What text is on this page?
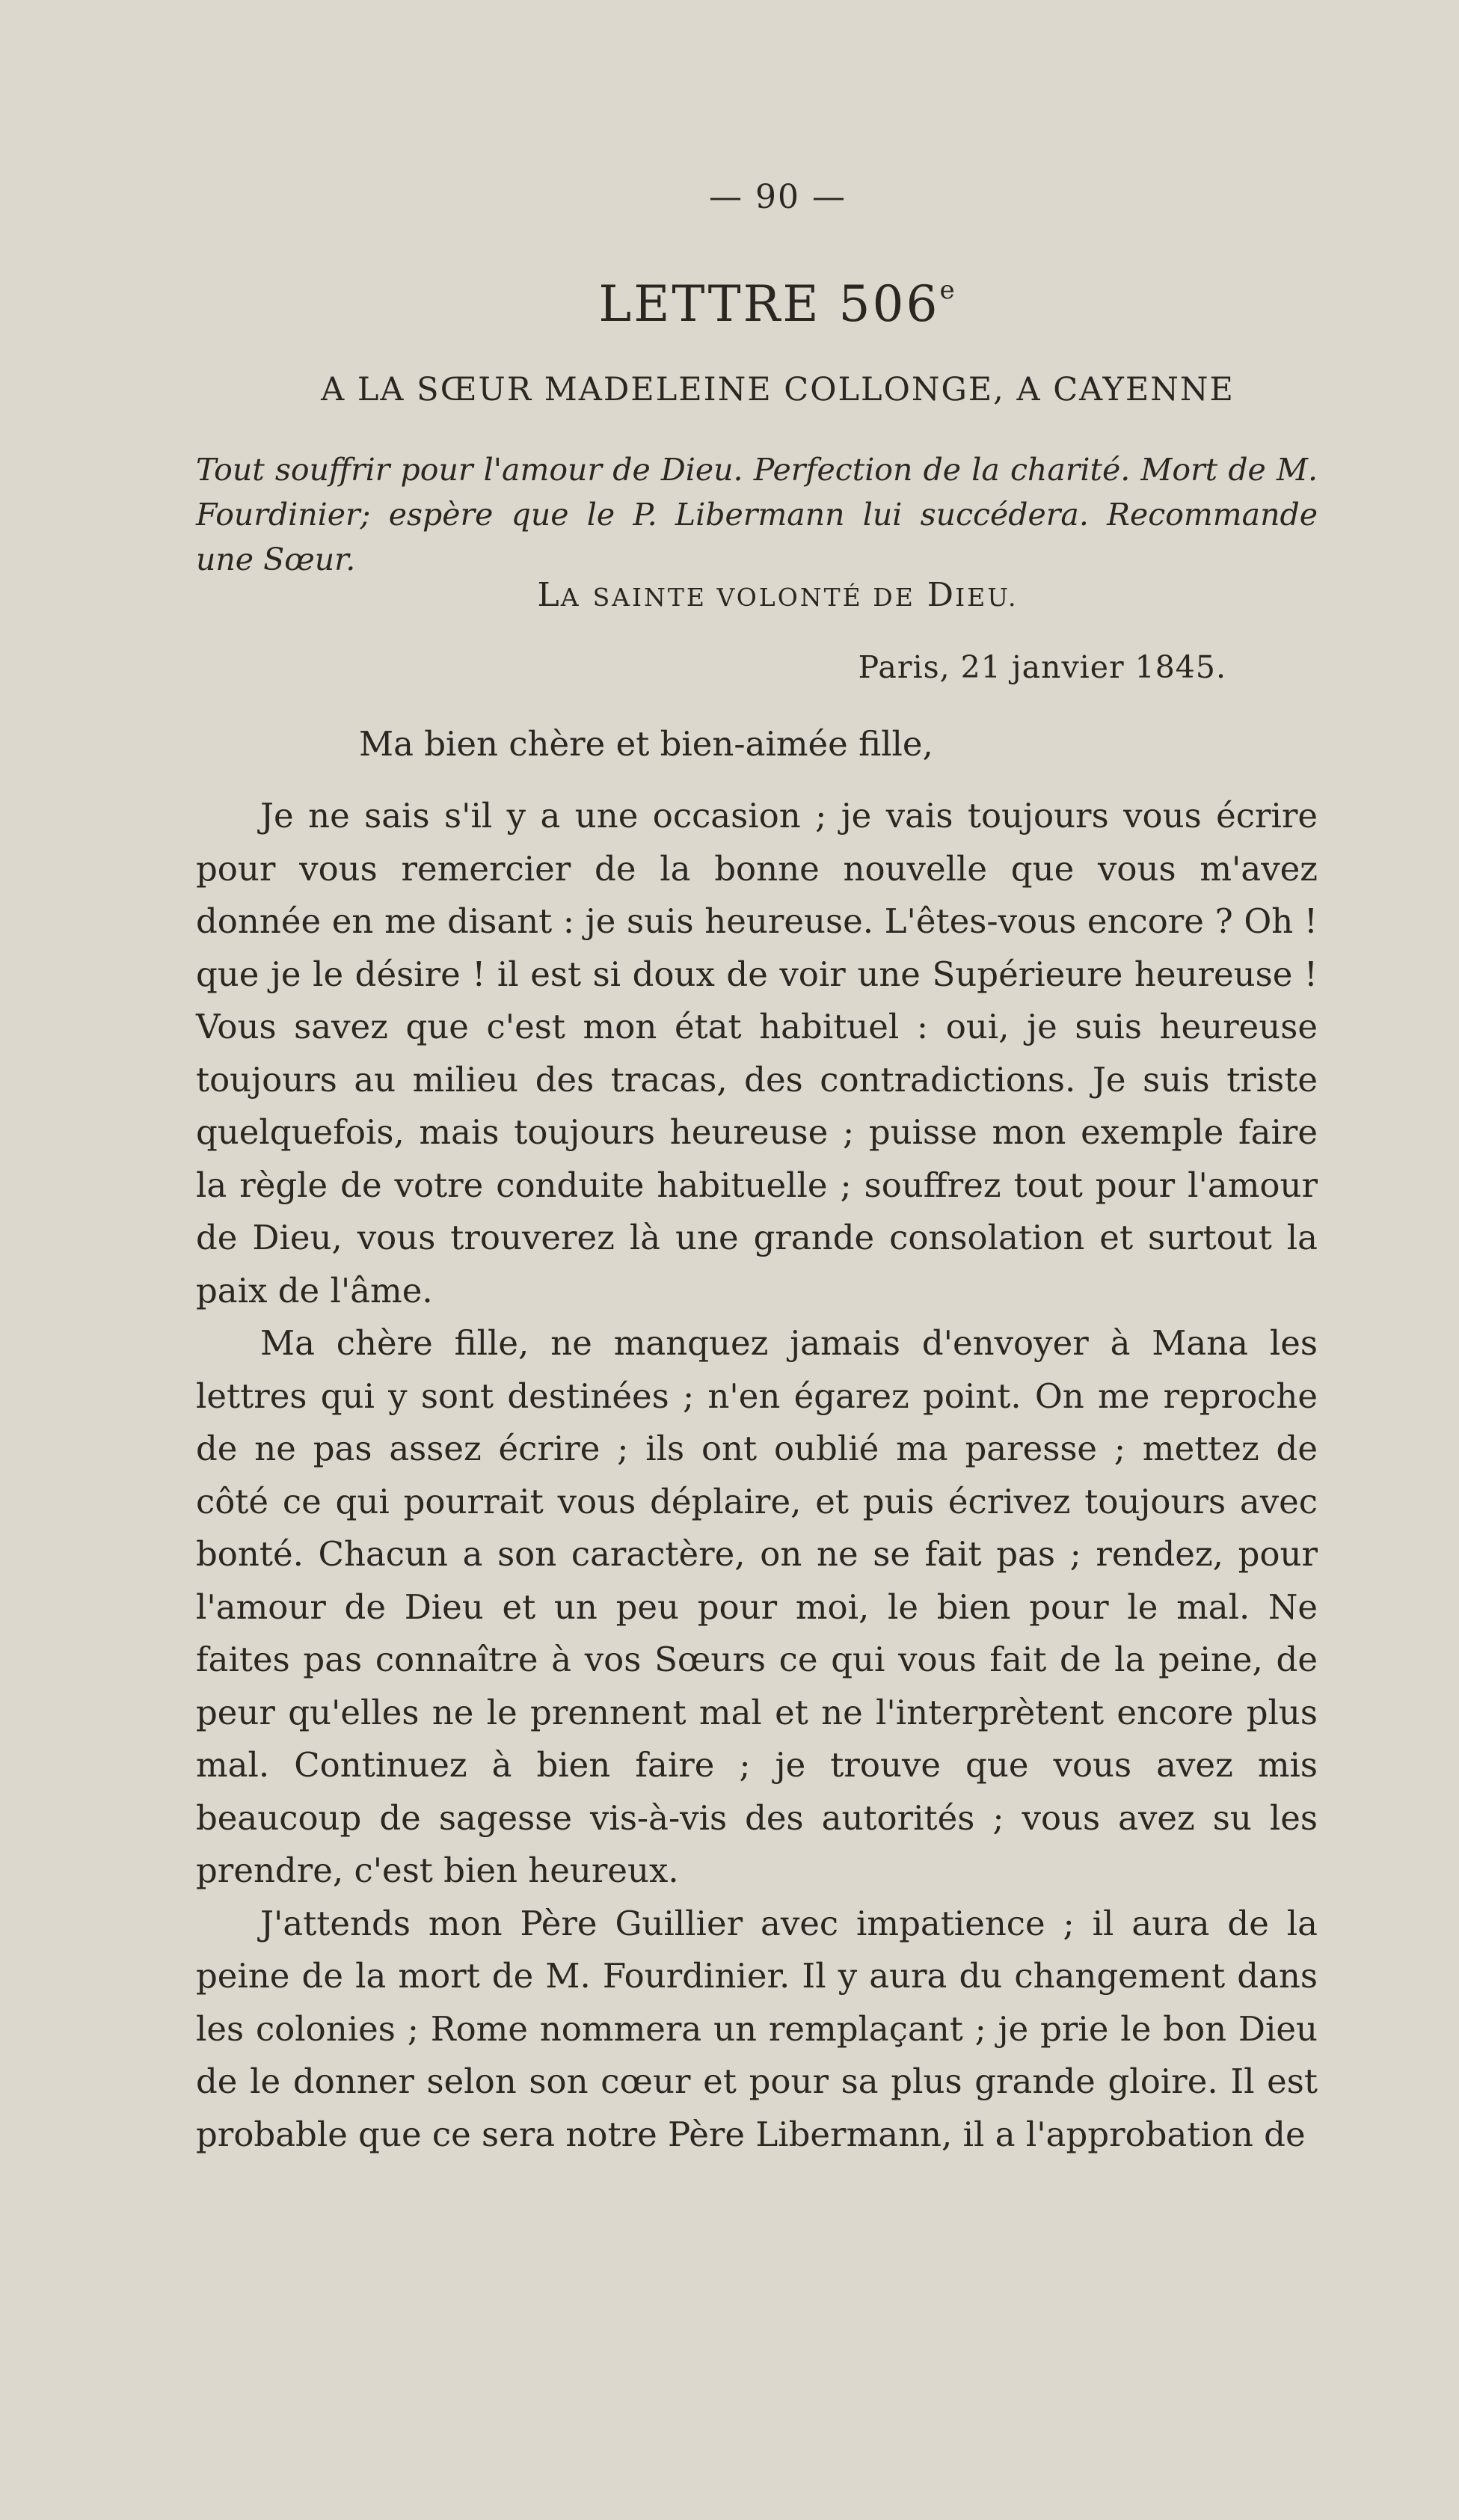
— 90 —
LETTRE 506e
A LA SŒUR MADELEINE COLLONGE, A CAYENNE
Tout souffrir pour l'amour de Dieu. Perfection de la charité. Mort de M. Fourdinier; espère que le P. Libermann lui succédera. Recommande une Sœur.
LA SAINTE VOLONTÉ DE DIEU.
Paris, 21 janvier 1845.
Ma bien chère et bien-aimée fille,

Je ne sais s'il y a une occasion ; je vais toujours vous écrire pour vous remercier de la bonne nouvelle que vous m'avez donnée en me disant : je suis heureuse. L'êtes-vous encore ? Oh ! que je le désire ! il est si doux de voir une Supérieure heureuse ! Vous savez que c'est mon état habituel : oui, je suis heureuse toujours au milieu des tracas, des contradictions. Je suis triste quelquefois, mais toujours heureuse ; puisse mon exemple faire la règle de votre conduite habituelle ; souffrez tout pour l'amour de Dieu, vous trouverez là une grande consolation et surtout la paix de l'âme.

Ma chère fille, ne manquez jamais d'envoyer à Mana les lettres qui y sont destinées ; n'en égarez point. On me reproche de ne pas assez écrire ; ils ont oublié ma paresse ; mettez de côté ce qui pourrait vous déplaire, et puis écrivez toujours avec bonté. Chacun a son caractère, on ne se fait pas ; rendez, pour l'amour de Dieu et un peu pour moi, le bien pour le mal. Ne faites pas connaître à vos Sœurs ce qui vous fait de la peine, de peur qu'elles ne le prennent mal et ne l'interprètent encore plus mal. Continuez à bien faire ; je trouve que vous avez mis beaucoup de sagesse vis-à-vis des autorités ; vous avez su les prendre, c'est bien heureux.

J'attends mon Père Guillier avec impatience ; il aura de la peine de la mort de M. Fourdinier. Il y aura du changement dans les colonies ; Rome nommera un remplaçant ; je prie le bon Dieu de le donner selon son cœur et pour sa plus grande gloire. Il est probable que ce sera notre Père Libermann, il a l'approbation de
